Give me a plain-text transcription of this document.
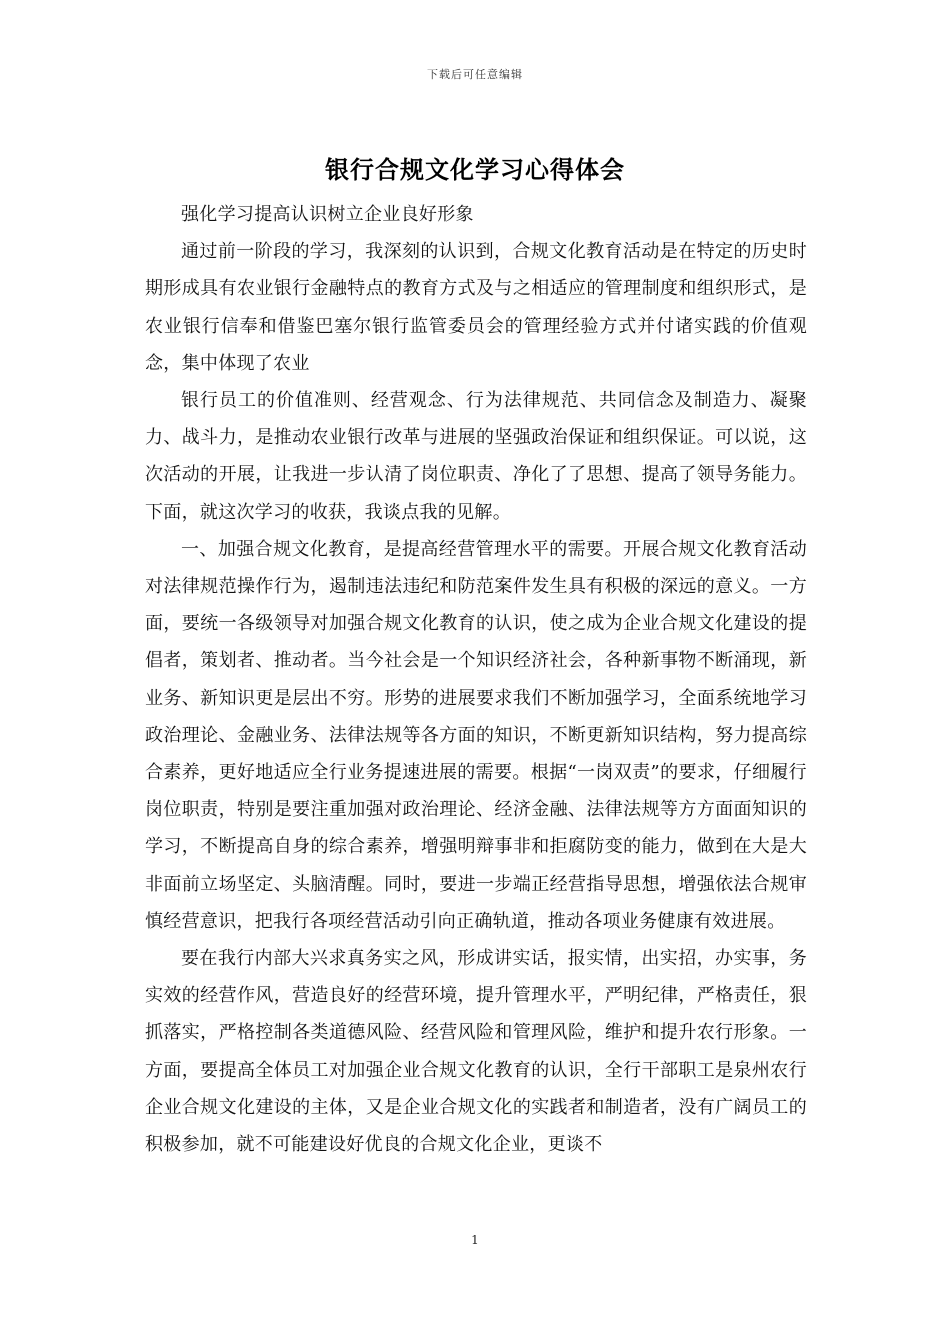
下载后可任意编辑
银行合规文化学习心得体会

强化学习提高认识树立企业良好形象

通过前一阶段的学习，我深刻的认识到，合规文化教育活动是在特定的历史时期形成具有农业银行金融特点的教育方式及与之相适应的管理制度和组织形式，是农业银行信奉和借鉴巴塞尔银行监管委员会的管理经验方式并付诸实践的价值观念，集中体现了农业

银行员工的价值准则、经营观念、行为法律规范、共同信念及制造力、凝聚力、战斗力，是推动农业银行改革与进展的坚强政治保证和组织保证。可以说，这次活动的开展，让我进一步认清了岗位职责、净化了了思想、提高了领导务能力。下面，就这次学习的收获，我谈点我的见解。

一、加强合规文化教育，是提高经营管理水平的需要。开展合规文化教育活动对法律规范操作行为，遏制违法违纪和防范案件发生具有积极的深远的意义。一方面，要统一各级领导对加强合规文化教育的认识，使之成为企业合规文化建设的提倡者，策划者、推动者。当今社会是一个知识经济社会，各种新事物不断涌现，新业务、新知识更是层出不穷。形势的进展要求我们不断加强学习，全面系统地学习政治理论、金融业务、法律法规等各方面的知识，不断更新知识结构，努力提高综合素养，更好地适应全行业务提速进展的需要。根据“一岗双责”的要求，仔细履行岗位职责，特别是要注重加强对政治理论、经济金融、法律法规等方方面面知识的学习，不断提高自身的综合素养，增强明辩事非和拒腐防变的能力，做到在大是大非面前立场坚定、头脑清醒。同时，要进一步端正经营指导思想，增强依法合规审慎经营意识，把我行各项经营活动引向正确轨道，推动各项业务健康有效进展。

要在我行内部大兴求真务实之风，形成讲实话，报实情，出实招，办实事，务实效的经营作风，营造良好的经营环境，提升管理水平，严明纪律，严格责任，狠抓落实，严格控制各类道德风险、经营风险和管理风险，维护和提升农行形象。一方面，要提高全体员工对加强企业合规文化教育的认识，全行干部职工是泉州农行企业合规文化建设的主体，又是企业合规文化的实践者和制造者，没有广阔员工的积极参加，就不可能建设好优良的合规文化企业，更谈不

1
